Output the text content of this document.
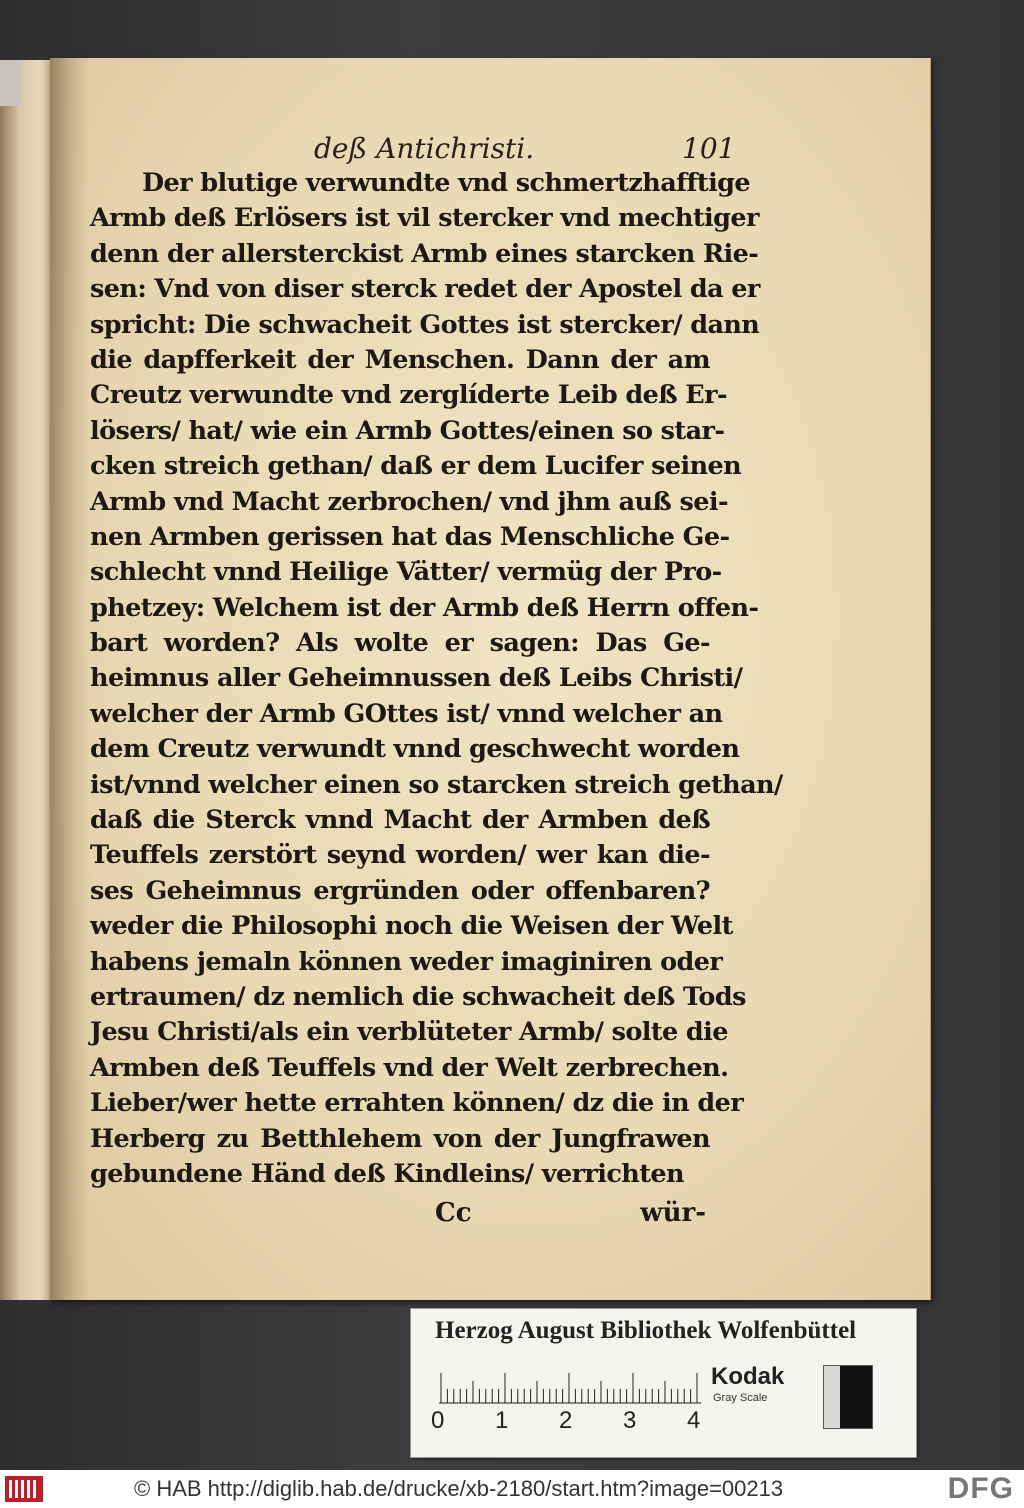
deß Antichristi.	101
Der blutige verwundte vnd schmertzhafftige
Armb deß Erlösers ist vil stercker vnd mechtiger
denn der allersterckist Armb eines starcken Rie-
sen: Vnd von diser sterck redet der Apostel da er
spricht: Die schwacheit Gottes ist stercker/ dann
die dapfferkeit der Menschen. Dann der am
Creutz verwundte vnd zerglíderte Leib deß Er-
lösers/ hat/ wie ein Armb Gottes/einen so star-
cken streich gethan/ daß er dem Lucifer seinen
Armb vnd Macht zerbrochen/ vnd jhm auß sei-
nen Armben gerissen hat das Menschliche Ge-
schlecht vnnd Heilige Vätter/ vermüg der Pro-
phetzey: Welchem ist der Armb deß Herrn offen-
bart worden? Als wolte er sagen: Das Ge-
heimnus aller Geheimnussen deß Leibs Christi/
welcher der Armb GOttes ist/ vnnd welcher an
dem Creutz verwundt vnnd geschwecht worden
ist/vnnd welcher einen so starcken streich gethan/
daß die Sterck vnnd Macht der Armben deß
Teuffels zerstört seynd worden/ wer kan die-
ses Geheimnus ergründen oder offenbaren?
weder die Philosophi noch die Weisen der Welt
habens jemaln können weder imaginiren oder
ertraumen/ dz nemlich die schwacheit deß Tods
Jesu Christi/als ein verblüteter Armb/ solte die
Armben deß Teuffels vnd der Welt zerbrechen.
Lieber/wer hette errahten können/ dz die in der
Herberg zu Betthlehem von der Jungfrawen
gebundene Händ deß Kindleins/ verrichten
Cc	wür-
Herzog August Bibliothek Wolfenbüttel
0 1 2 3 4
Kodak
Gray Scale
© HAB http://diglib.hab.de/drucke/xb-2180/start.htm?image=00213	DFG
